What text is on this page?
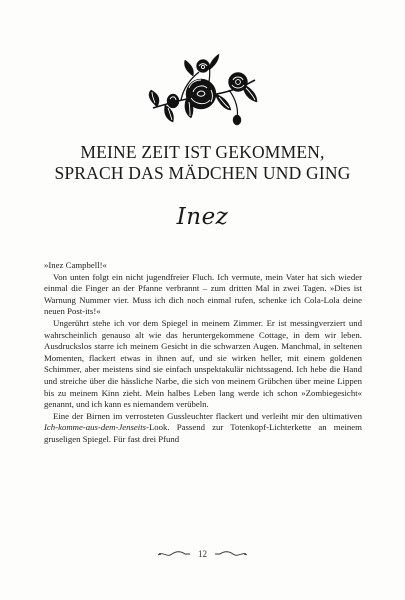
MEINE ZEIT IST GEKOMMEN,
SPRACH DAS MÄDCHEN UND GING
Inez

»Inez Campbell!«

Von unten folgt ein nicht jugendfreier Fluch. Ich vermute, mein Vater hat sich wieder einmal die Finger an der Pfanne verbrannt – zum dritten Mal in zwei Tagen. »Dies ist Warnung Nummer vier. Muss ich dich noch einmal rufen, schenke ich Cola-Lola deine neuen Post-its!«

Ungerührt stehe ich vor dem Spiegel in meinem Zimmer. Er ist messingverziert und wahrscheinlich genauso alt wie das heruntergekommene Cottage, in dem wir leben. Ausdruckslos starre ich meinem Gesicht in die schwarzen Augen. Manchmal, in seltenen Momenten, flackert etwas in ihnen auf, und sie wirken heller, mit einem goldenen Schimmer, aber meistens sind sie einfach unspektakulär nichtssagend. Ich hebe die Hand und streiche über die hässliche Narbe, die sich von meinem Grübchen über meine Lippen bis zu meinem Kinn zieht. Mein halbes Leben lang werde ich schon »Zombiegesicht« genannt, und ich kann es niemandem verübeln.

Eine der Birnen im verrosteten Gussleuchter flackert und verleiht mir den ultimativen Ich-komme-aus-dem-Jenseits-Look. Passend zur Totenkopf-Lichterkette an meinem gruseligen Spiegel. Für fast drei Pfund

12
